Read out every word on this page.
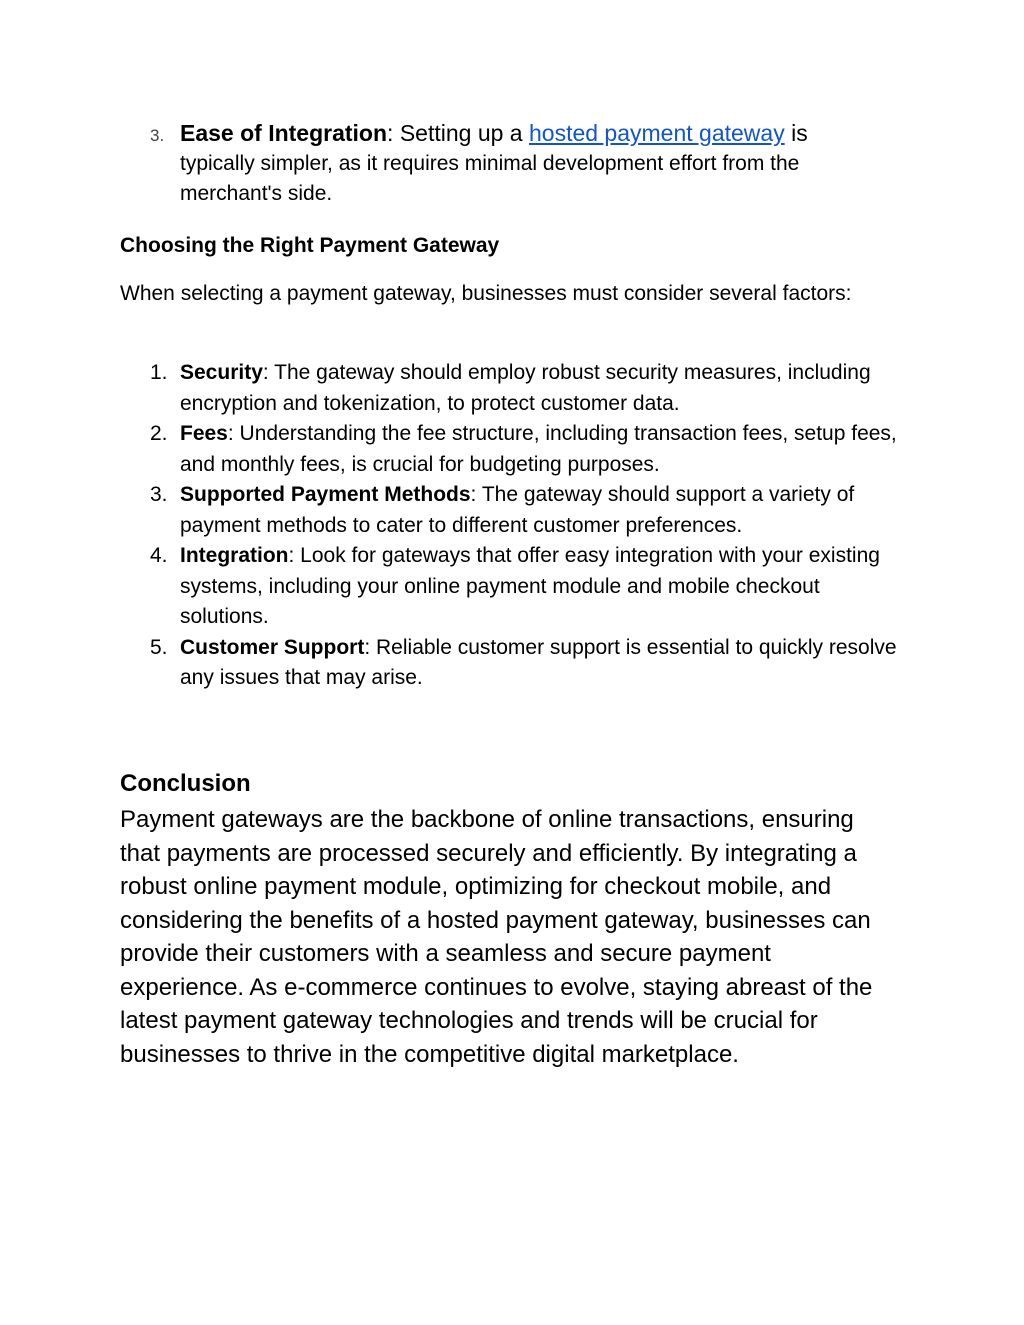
3. Ease of Integration: Setting up a hosted payment gateway is
typically simpler, as it requires minimal development effort from the merchant's side.
Choosing the Right Payment Gateway
When selecting a payment gateway, businesses must consider several factors:
1. Security: The gateway should employ robust security measures, including encryption and tokenization, to protect customer data.
2. Fees: Understanding the fee structure, including transaction fees, setup fees, and monthly fees, is crucial for budgeting purposes.
3. Supported Payment Methods: The gateway should support a variety of payment methods to cater to different customer preferences.
4. Integration: Look for gateways that offer easy integration with your existing systems, including your online payment module and mobile checkout solutions.
5. Customer Support: Reliable customer support is essential to quickly resolve any issues that may arise.
Conclusion
Payment gateways are the backbone of online transactions, ensuring that payments are processed securely and efficiently. By integrating a robust online payment module, optimizing for checkout mobile, and considering the benefits of a hosted payment gateway, businesses can provide their customers with a seamless and secure payment experience. As e-commerce continues to evolve, staying abreast of the latest payment gateway technologies and trends will be crucial for businesses to thrive in the competitive digital marketplace.
